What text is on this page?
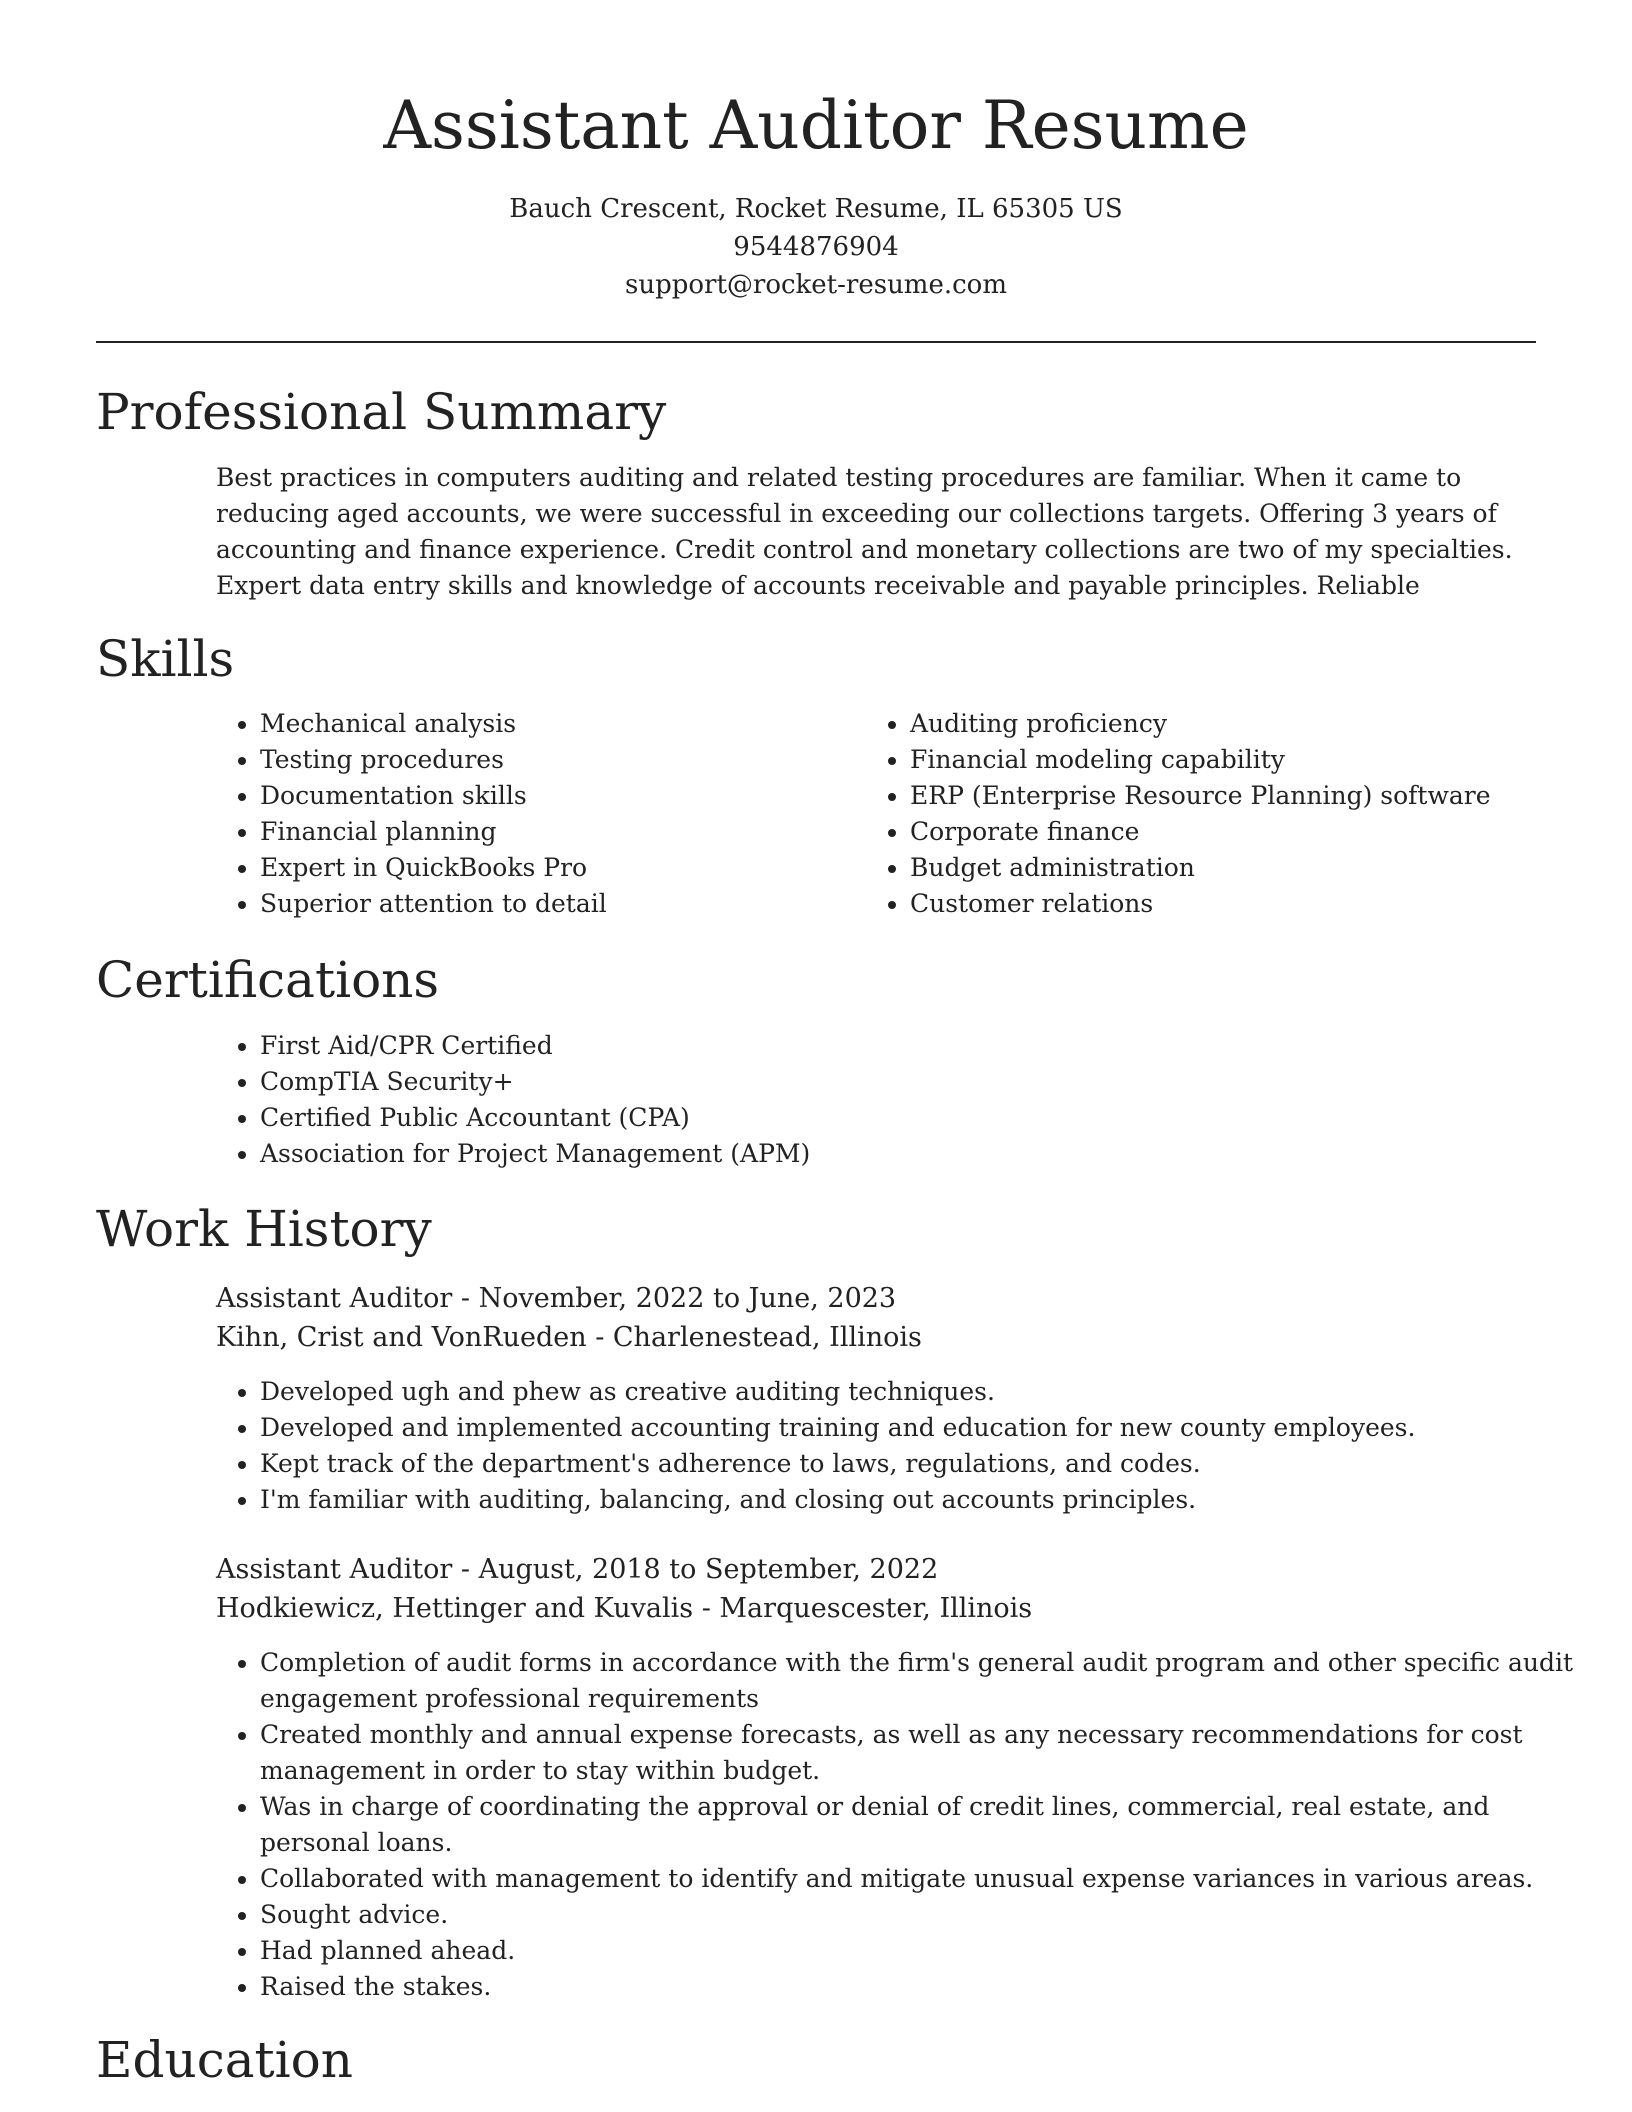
Assistant Auditor Resume
Bauch Crescent, Rocket Resume, IL 65305 US
9544876904
support@rocket-resume.com
Professional Summary
Best practices in computers auditing and related testing procedures are familiar. When it came to reducing aged accounts, we were successful in exceeding our collections targets. Offering 3 years of accounting and finance experience. Credit control and monetary collections are two of my specialties. Expert data entry skills and knowledge of accounts receivable and payable principles. Reliable
Skills
• Mechanical analysis
• Testing procedures
• Documentation skills
• Financial planning
• Expert in QuickBooks Pro
• Superior attention to detail
• Auditing proficiency
• Financial modeling capability
• ERP (Enterprise Resource Planning) software
• Corporate finance
• Budget administration
• Customer relations
Certifications
• First Aid/CPR Certified
• CompTIA Security+
• Certified Public Accountant (CPA)
• Association for Project Management (APM)
Work History
Assistant Auditor - November, 2022 to June, 2023
Kihn, Crist and VonRueden - Charlenestead, Illinois
• Developed ugh and phew as creative auditing techniques.
• Developed and implemented accounting training and education for new county employees.
• Kept track of the department's adherence to laws, regulations, and codes.
• I'm familiar with auditing, balancing, and closing out accounts principles.
Assistant Auditor - August, 2018 to September, 2022
Hodkiewicz, Hettinger and Kuvalis - Marquescester, Illinois
• Completion of audit forms in accordance with the firm's general audit program and other specific audit engagement professional requirements
• Created monthly and annual expense forecasts, as well as any necessary recommendations for cost management in order to stay within budget.
• Was in charge of coordinating the approval or denial of credit lines, commercial, real estate, and personal loans.
• Collaborated with management to identify and mitigate unusual expense variances in various areas.
• Sought advice.
• Had planned ahead.
• Raised the stakes.
Education
